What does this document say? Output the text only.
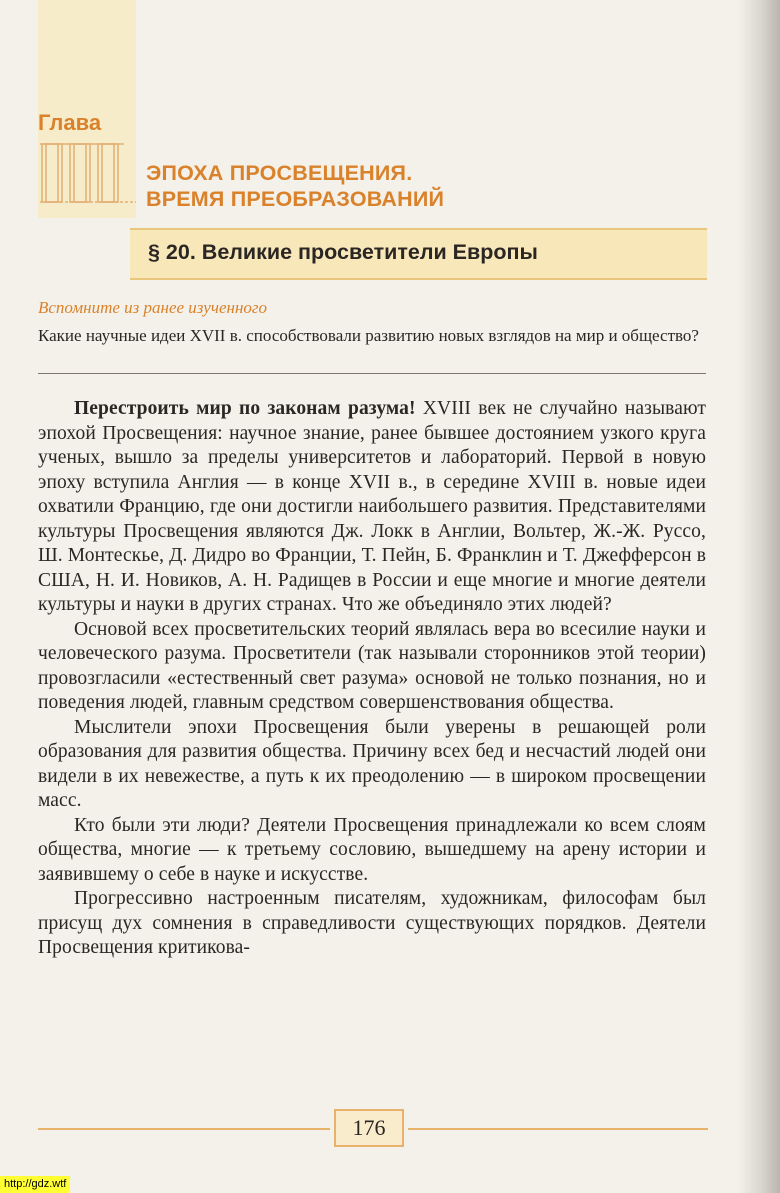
Глава
ЭПОХА ПРОСВЕЩЕНИЯ.
ВРЕМЯ ПРЕОБРАЗОВАНИЙ
§ 20. Великие просветители Европы
Вспомните из ранее изученного
Какие научные идеи XVII в. способствовали развитию новых взглядов на мир и общество?

Перестроить мир по законам разума! XVIII век не случайно называют эпохой Просвещения: научное знание, ранее бывшее достоянием узкого круга ученых, вышло за пределы университетов и лабораторий. Первой в новую эпоху вступила Англия — в конце XVII в., в середине XVIII в. новые идеи охватили Францию, где они достигли наибольшего развития. Представителями культуры Просвещения являются Дж. Локк в Англии, Вольтер, Ж.-Ж. Руссо, Ш. Монтескье, Д. Дидро во Франции, Т. Пейн, Б. Франклин и Т. Джефферсон в США, Н. И. Новиков, А. Н. Радищев в России и еще многие и многие деятели культуры и науки в других странах. Что же объединяло этих людей?

Основой всех просветительских теорий являлась вера во всесилие науки и человеческого разума. Просветители (так называли сторонников этой теории) провозгласили «естественный свет разума» основой не только познания, но и поведения людей, главным средством совершенствования общества.

Мыслители эпохи Просвещения были уверены в решающей роли образования для развития общества. Причину всех бед и несчастий людей они видели в их невежестве, а путь к их преодолению — в широком просвещении масс.

Кто были эти люди? Деятели Просвещения принадлежали ко всем слоям общества, многие — к третьему сословию, вышедшему на арену истории и заявившему о себе в науке и искусстве.

Прогрессивно настроенным писателям, художникам, философам был присущ дух сомнения в справедливости существующих порядков. Деятели Просвещения критикова-

176
http://gdz.wtf
